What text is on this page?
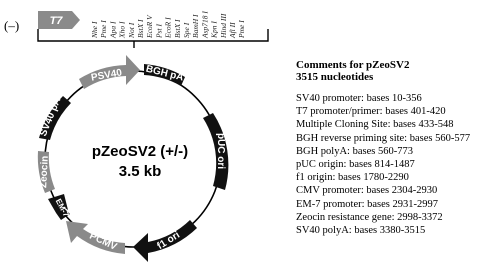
(–)	T7
Nhe I Pme I Apa I Xho I Not I BstX I EcoR V Pst I EcoR I BstX I Spe I BamH I Asp718 I Kpn I Hind III Afl II Pme I
PSV40 BGH pA
pUC ori
f1 ori
PCMV
EM-7
Zeocin
SV40 pA
pZeoSV2 (+/-)
3.5 kb
Comments for pZeoSV2
3515 nucleotides
SV40 promoter: bases 10-356
T7 promoter/primer: bases 401-420
Multiple Cloning Site: bases 433-548
BGH reverse priming site: bases 560-577
BGH polyA: bases 560-773
pUC origin: bases 814-1487
f1 origin: bases 1780-2290
CMV promoter: bases 2304-2930
EM-7 promoter: bases 2931-2997
Zeocin resistance gene: 2998-3372
SV40 polyA: bases 3380-3515
